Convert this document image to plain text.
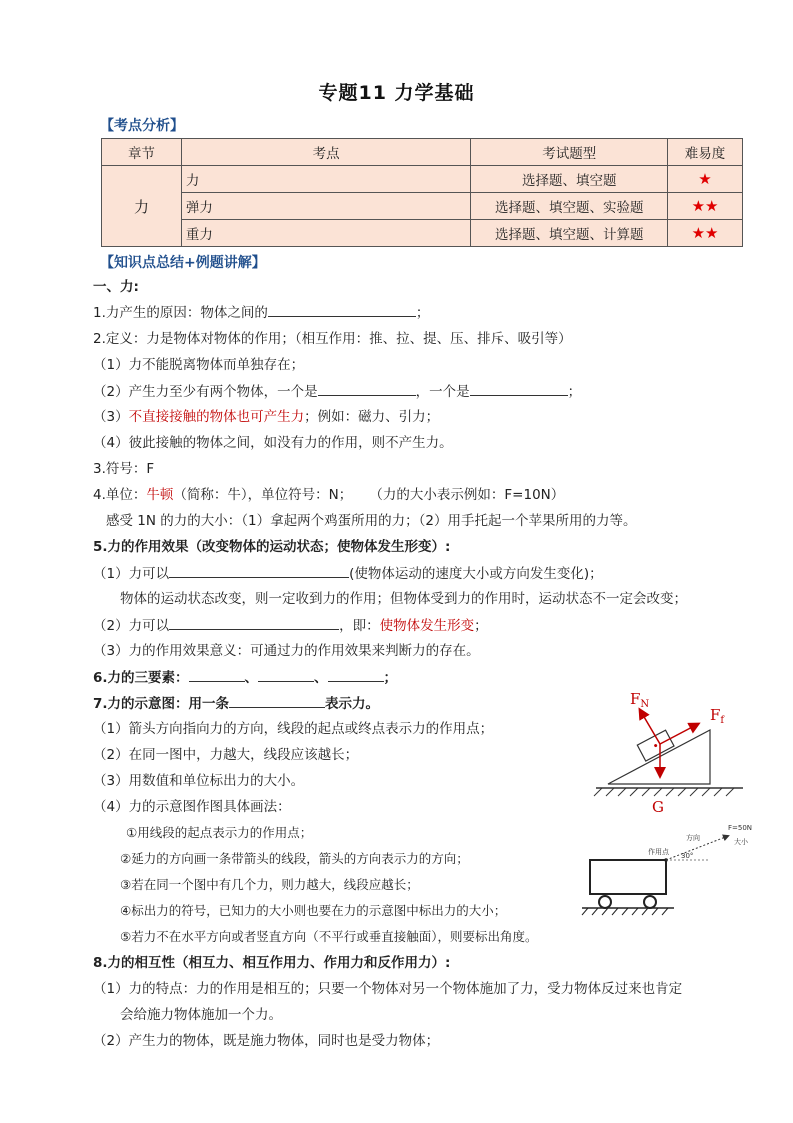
专题11 力学基础
【考点分析】
章节	考点	考试题型	难易度
力	力	选择题、填空题	★
	弹力	选择题、填空题、实验题	★★
	重力	选择题、填空题、计算题	★★
【知识点总结+例题讲解】
一、力:
1.力产生的原因：物体之间的	；
2.定义：力是物体对物体的作用；（相互作用：推、拉、提、压、排斥、吸引等）
（1）力不能脱离物体而单独存在；
（2）产生力至少有两个物体，一个是	，一个是	；
（3）不直接接触的物体也可产生力；例如：磁力、引力；
（4）彼此接触的物体之间，如没有力的作用，则不产生力。
3.符号：F
4.单位：牛顿（简称：牛），单位符号：N；    （力的大小表示例如：F=10N）
感受 1N 的力的大小：（1）拿起两个鸡蛋所用的力；（2）用手托起一个苹果所用的力等。
5.力的作用效果（改变物体的运动状态；使物体发生形变）:
（1）力可以	(使物体运动的速度大小或方向发生变化)；
物体的运动状态改变，则一定收到力的作用；但物体受到力的作用时，运动状态不一定会改变；
（2）力可以	，即：使物体发生形变；
（3）力的作用效果意义：可通过力的作用效果来判断力的存在。
6.力的三要素：	、	、	；
7.力的示意图：用一条	表示力。
（1）箭头方向指向力的方向，线段的起点或终点表示力的作用点；
（2）在同一图中，力越大，线段应该越长；
（3）用数值和单位标出力的大小。
（4）力的示意图作图具体画法：
①用线段的起点表示力的作用点；
②延力的方向画一条带箭头的线段，箭头的方向表示力的方向；
③若在同一个图中有几个力，则力越大，线段应越长；
④标出力的符号，已知力的大小则也要在力的示意图中标出力的大小；
⑤若力不在水平方向或者竖直方向（不平行或垂直接触面），则要标出角度。
8.力的相互性（相互力、相互作用力、作用力和反作用力）:
（1）力的特点：力的作用是相互的；只要一个物体对另一个物体施加了力，受力物体反过来也肯定
会给施力物体施加一个力。
（2）产生力的物体，既是施力物体，同时也是受力物体；
$F_N$
$F_f$
G
作用点
方向
30°
F=50N
大小
